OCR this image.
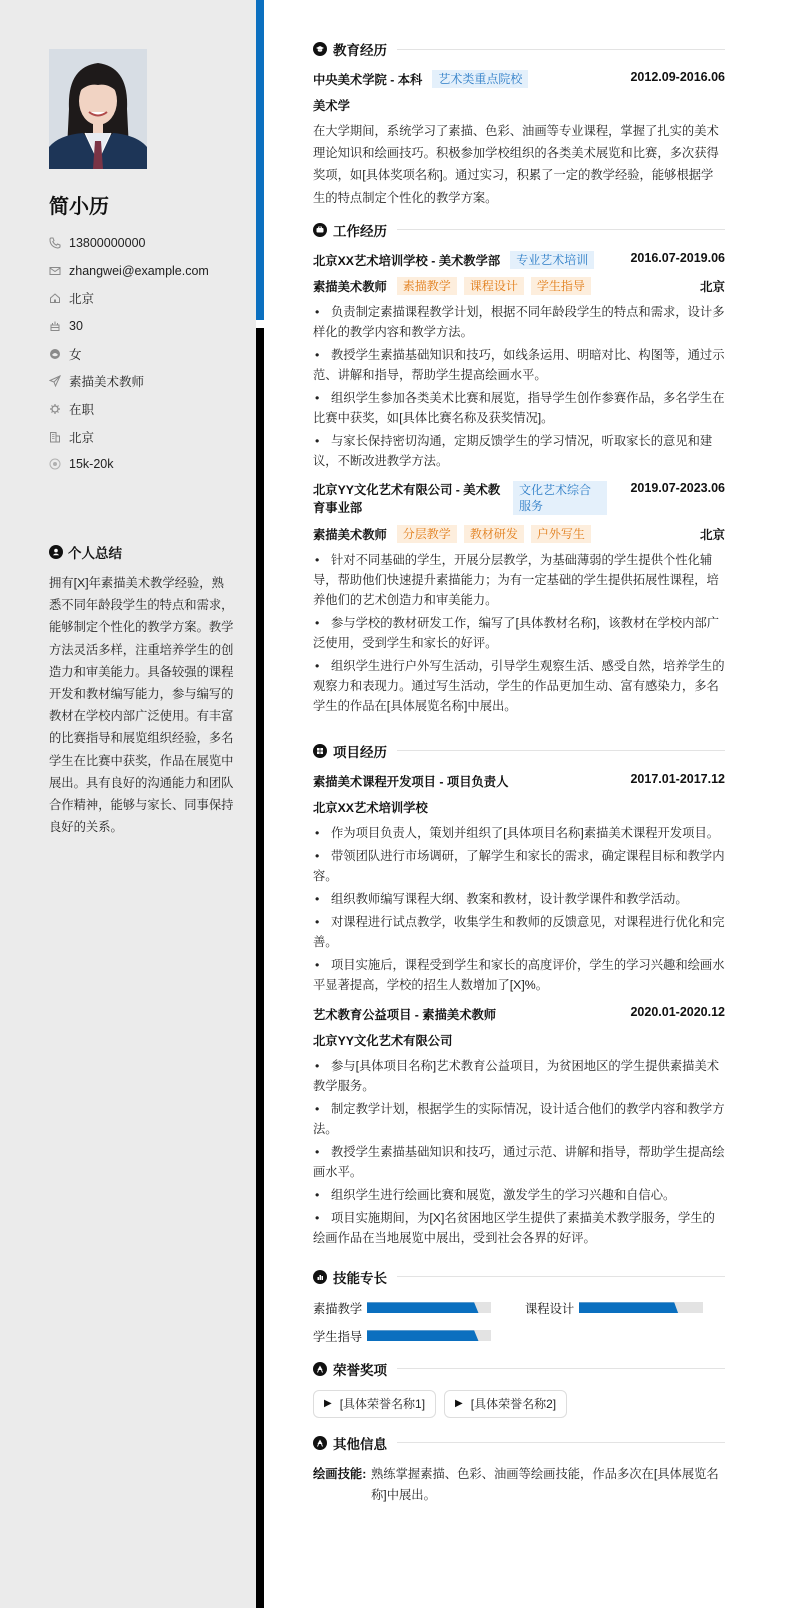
简小历
13800000000
zhangwei@example.com
北京
30
女
素描美术教师
在职
北京
15k-20k
个人总结
拥有[X]年素描美术教学经验，熟悉不同年龄段学生的特点和需求，能够制定个性化的教学方案。教学方法灵活多样，注重培养学生的创造力和审美能力。具备较强的课程开发和教材编写能力，参与编写的教材在学校内部广泛使用。有丰富的比赛指导和展览组织经验，多名学生在比赛中获奖，作品在展览中展出。具有良好的沟通能力和团队合作精神，能够与家长、同事保持良好的关系。
教育经历
中央美术学院 - 本科	艺术类重点院校	2012.09-2016.06
美术学
在大学期间，系统学习了素描、色彩、油画等专业课程，掌握了扎实的美术理论知识和绘画技巧。积极参加学校组织的各类美术展览和比赛，多次获得奖项，如[具体奖项名称]。通过实习，积累了一定的教学经验，能够根据学生的特点制定个性化的教学方案。
工作经历
北京XX艺术培训学校 - 美术教学部	专业艺术培训	2016.07-2019.06
素描美术教师	素描教学	课程设计	学生指导	北京
• 负责制定素描课程教学计划，根据不同年龄段学生的特点和需求，设计多样化的教学内容和教学方法。
• 教授学生素描基础知识和技巧，如线条运用、明暗对比、构图等，通过示范、讲解和指导，帮助学生提高绘画水平。
• 组织学生参加各类美术比赛和展览，指导学生创作参赛作品，多名学生在比赛中获奖，如[具体比赛名称及获奖情况]。
• 与家长保持密切沟通，定期反馈学生的学习情况，听取家长的意见和建议，不断改进教学方法。
北京YY文化艺术有限公司 - 美术教育事业部
文化艺术综合服务
2019.07-2023.06
素描美术教师	分层教学	教材研发	户外写生	北京
• 针对不同基础的学生，开展分层教学，为基础薄弱的学生提供个性化辅导，帮助他们快速提升素描能力；为有一定基础的学生提供拓展性课程，培养他们的艺术创造力和审美能力。
• 参与学校的教材研发工作，编写了[具体教材名称]，该教材在学校内部广泛使用，受到学生和家长的好评。
• 组织学生进行户外写生活动，引导学生观察生活、感受自然，培养学生的观察力和表现力。通过写生活动，学生的作品更加生动、富有感染力，多名学生的作品在[具体展览名称]中展出。
项目经历
素描美术课程开发项目 - 项目负责人	2017.01-2017.12
北京XX艺术培训学校
• 作为项目负责人，策划并组织了[具体项目名称]素描美术课程开发项目。
• 带领团队进行市场调研，了解学生和家长的需求，确定课程目标和教学内容。
• 组织教师编写课程大纲、教案和教材，设计教学课件和教学活动。
• 对课程进行试点教学，收集学生和教师的反馈意见，对课程进行优化和完善。
• 项目实施后，课程受到学生和家长的高度评价，学生的学习兴趣和绘画水平显著提高，学校的招生人数增加了[X]%。
艺术教育公益项目 - 素描美术教师	2020.01-2020.12
北京YY文化艺术有限公司
• 参与[具体项目名称]艺术教育公益项目，为贫困地区的学生提供素描美术教学服务。
• 制定教学计划，根据学生的实际情况，设计适合他们的教学内容和教学方法。
• 教授学生素描基础知识和技巧，通过示范、讲解和指导，帮助学生提高绘画水平。
• 组织学生进行绘画比赛和展览，激发学生的学习兴趣和自信心。
• 项目实施期间，为[X]名贫困地区学生提供了素描美术教学服务，学生的绘画作品在当地展览中展出，受到社会各界的好评。
技能专长
素描教学	课程设计
学生指导
荣誉奖项
▶ [具体荣誉名称1]	▶ [具体荣誉名称2]
其他信息
绘画技能: 熟练掌握素描、色彩、油画等绘画技能，作品多次在[具体展览名称]中展出。
